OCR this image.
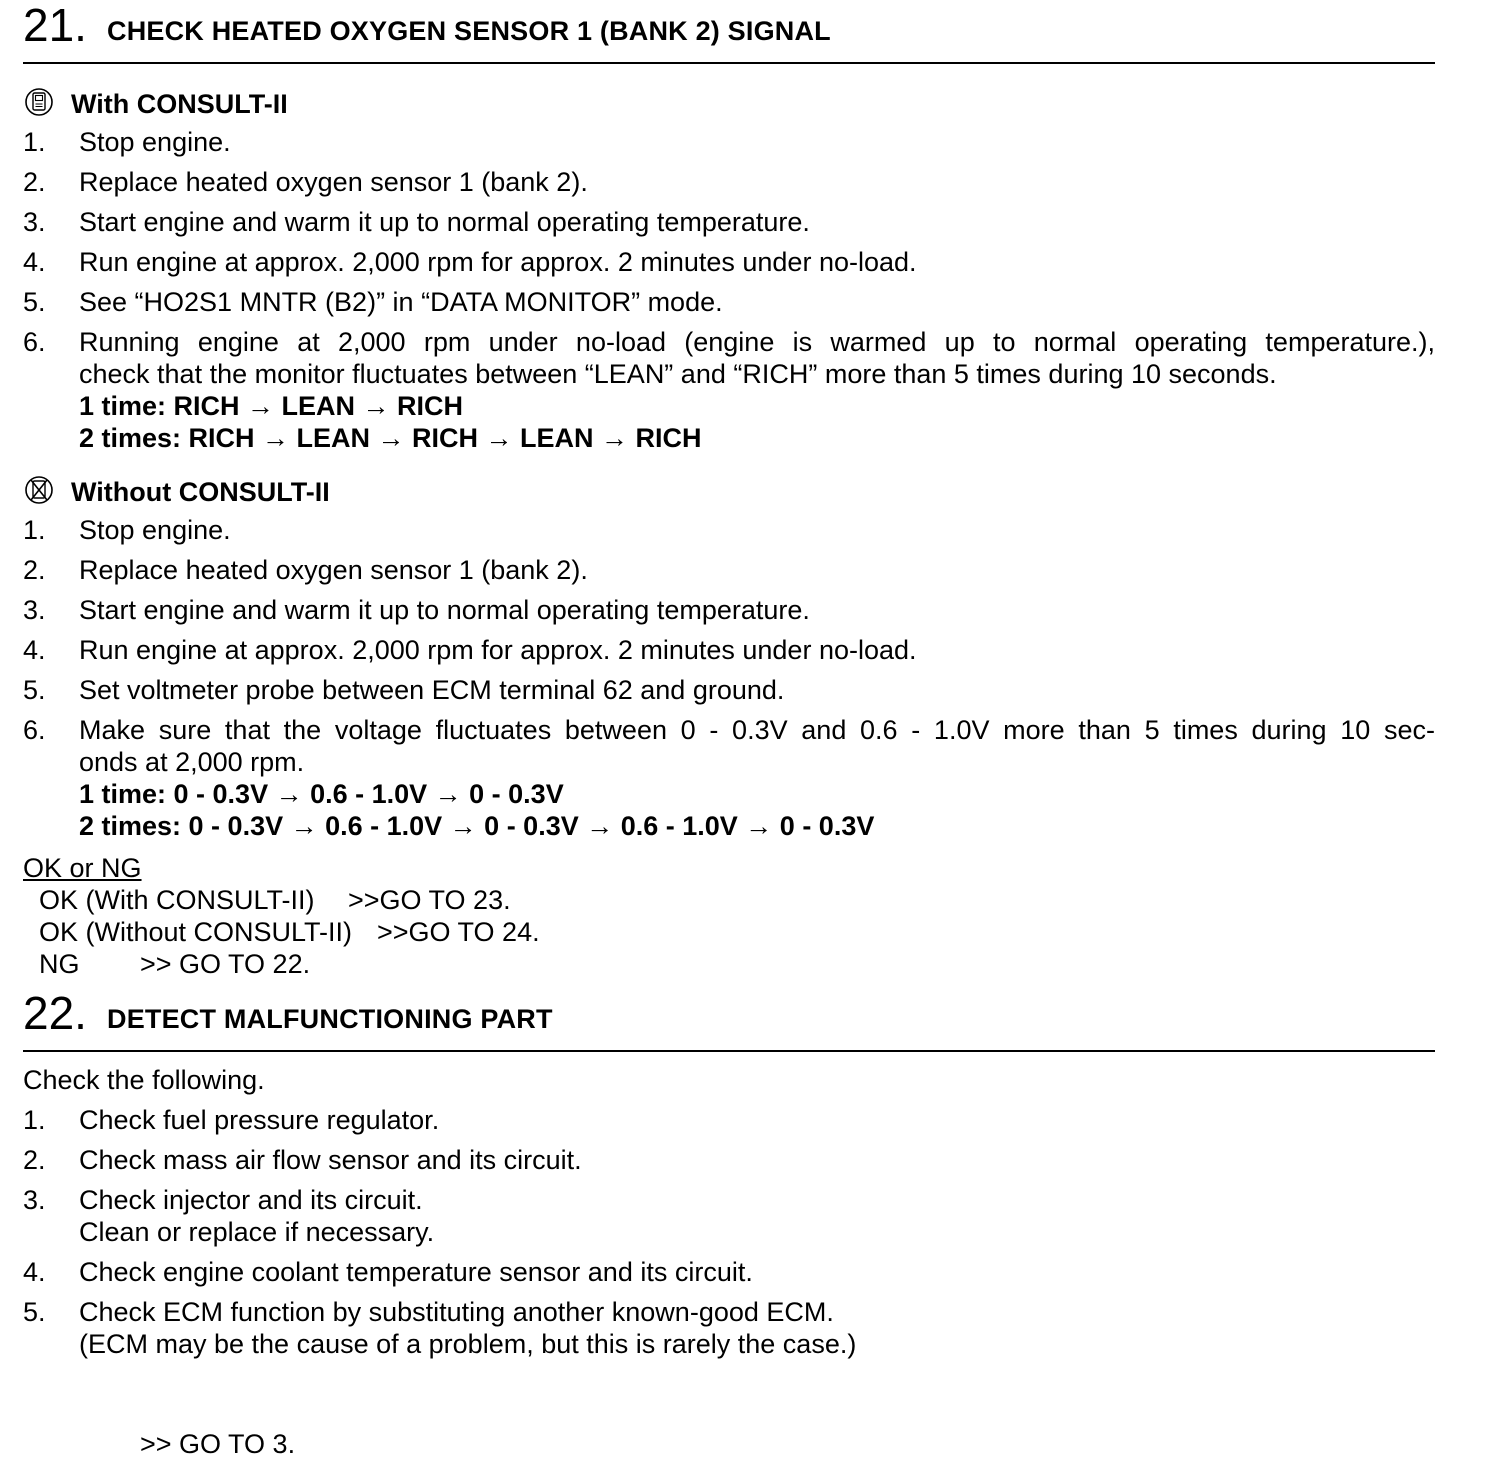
21. CHECK HEATED OXYGEN SENSOR 1 (BANK 2) SIGNAL
With CONSULT-II
1. Stop engine.
2. Replace heated oxygen sensor 1 (bank 2).
3. Start engine and warm it up to normal operating temperature.
4. Run engine at approx. 2,000 rpm for approx. 2 minutes under no-load.
5. See “HO2S1 MNTR (B2)” in “DATA MONITOR” mode.
6. Running engine at 2,000 rpm under no-load (engine is warmed up to normal operating temperature.),
check that the monitor fluctuates between “LEAN” and “RICH” more than 5 times during 10 seconds.
1 time: RICH → LEAN → RICH
2 times: RICH → LEAN → RICH → LEAN → RICH
Without CONSULT-II
1. Stop engine.
2. Replace heated oxygen sensor 1 (bank 2).
3. Start engine and warm it up to normal operating temperature.
4. Run engine at approx. 2,000 rpm for approx. 2 minutes under no-load.
5. Set voltmeter probe between ECM terminal 62 and ground.
6. Make sure that the voltage fluctuates between 0 - 0.3V and 0.6 - 1.0V more than 5 times during 10 sec-
onds at 2,000 rpm.
1 time: 0 - 0.3V → 0.6 - 1.0V → 0 - 0.3V
2 times: 0 - 0.3V → 0.6 - 1.0V → 0 - 0.3V → 0.6 - 1.0V → 0 - 0.3V
OK or NG
OK (With CONSULT-II) >>GO TO 23.
OK (Without CONSULT-II) >>GO TO 24.
NG >> GO TO 22.
22. DETECT MALFUNCTIONING PART
Check the following.
1. Check fuel pressure regulator.
2. Check mass air flow sensor and its circuit.
3. Check injector and its circuit.
Clean or replace if necessary.
4. Check engine coolant temperature sensor and its circuit.
5. Check ECM function by substituting another known-good ECM.
(ECM may be the cause of a problem, but this is rarely the case.)
>> GO TO 3.
